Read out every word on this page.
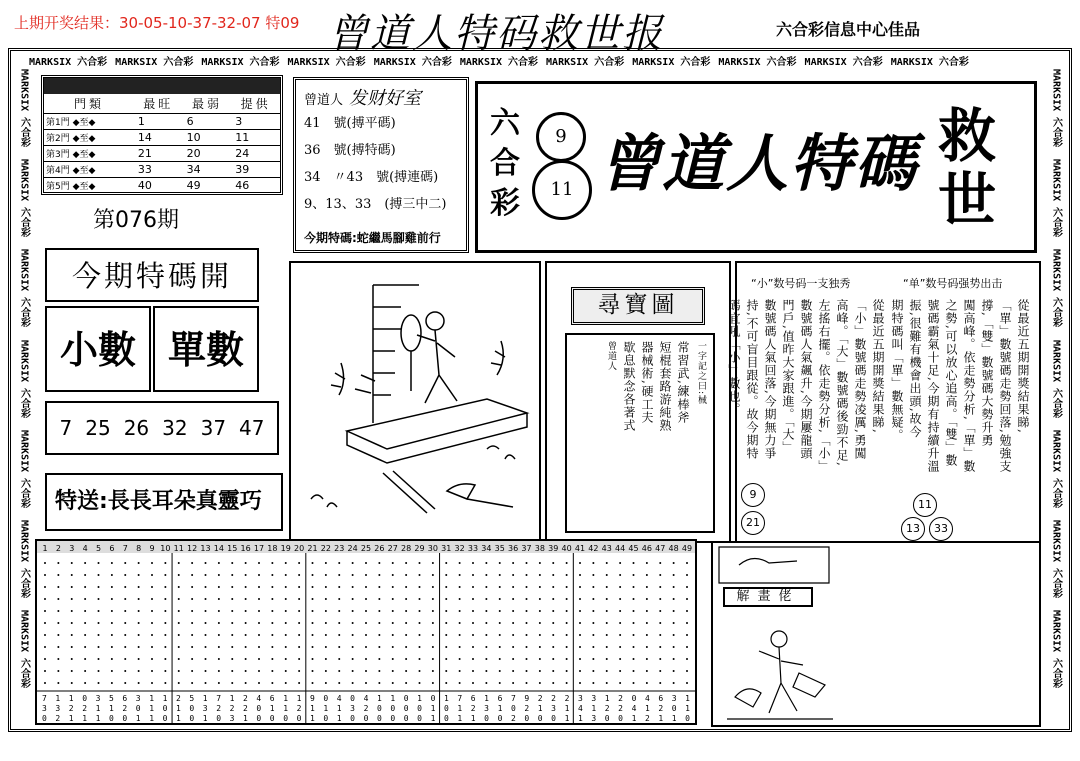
上期开奖结果：30-05-10-37-32-07 特09 曾道人特码救世报	六合彩信息中心佳品
MARKSIX 六合彩 MARKSIX 六合彩 MARKSIX 六合彩 MARKSIX 六合彩 MARKSIX 六合彩 MARKSIX 六合彩 MARKSIX 六合彩 MARKSIX 六合彩 MARKSIX 六合彩 MARKSIX 六合彩 MARKSIX 六合彩
MARKSIX 六合彩
MARKSIX 六合彩
MARKSIX 六合彩
MARKSIX 六合彩
MARKSIX 六合彩
MARKSIX 六合彩
MARKSIX 六合彩
MARKSIX 六合彩
MARKSIX 六合彩
MARKSIX 六合彩
MARKSIX 六合彩
MARKSIX 六合彩
MARKSIX 六合彩
MARKSIX 六合彩
門類	最旺	最弱	提供
第1門 ◆至◆	1	6	3
第2門 ◆至◆	14	10	11
第3門 ◆至◆	21	20	24
第4門 ◆至◆	33	34	39
第5門 ◆至◆	40	49	46
第076期
今期特碼開
小數 單數
7 25 26 32 37 47
特送:長長耳朵真靈巧
曾道人 发财好室

41　號(搏平碼)

36　號(搏特碼)

34　〃43　號(搏連碼)

9、13、33　(搏三中二)

今期特碼:蛇繼馬腳雞前行
六
合
彩
9
11 曾道人特碼 救
世
尋寶圖
一字記之曰:械
常習武,練棒斧
短棍套路游純熟
器械術,硬工夫
歇息默念各著式
曾道人
“小”数号码一支独秀	“单”数号码强势出击
從最近五期開獎結果睇,
「單」數號碼走勢回落,勉強支
撐,「雙」數號碼大勢升勇
闖高峰。依走勢分析,「單」數
之勢,可以放心追高。「雙」數
號碼霸氣十足,今期有持續升溫
振,很難有機會出頭,故今
期特碼叫「單」數無疑。
從最近五期開獎結果睇,
「小」數號碼走勢凌厲,勇闖
高峰。「大」數號碼後勁不足,
左搖右擺。依走勢分析,「小」
數號碼人氣飆升,今期屢龍頭
門戶,值昨大家跟進。「大」
數號碼人氣回落,今期無力爭
持,不可盲目跟從。故今期特
碼宜吼「小」數也。
9
21
11
13	33
1 2 3 4 5 6 7 8 9 10 11 12 13 14 15 16 17 18 19 20 21 22 23 24 25 26 27 28 29 30 31 32 33 34 35 36 37 38 39 40 41 42 43 44 45 46 47 48 49
7 1 1 0 3 5 6 3 1 1 2 5 1 7 1 2 4 6 1 1 9 0 4 0 4 1 1 0 1 0 1 7 6 1 6 7 9 2 2 2 3 3 1 2 0 4 6 3 1
3 3 2 2 1 1 2 0 1 0 1 0 3 2 2 2 0 1 1 2 1 1 1 3 2 0 0 0 0 1 0 1 2 3 1 0 2 1 3 1 4 1 2 2 4 1 2 0 1
0 2 1 1 1 0 0 1 1 0 1 0 1 0 3 1 0 0 0 0 1 0 1 0 0 0 0 0 0 1 0 1 1 0 0 2 0 0 0 1 1 3 0 0 1 2 1 1 0
解畫佬
